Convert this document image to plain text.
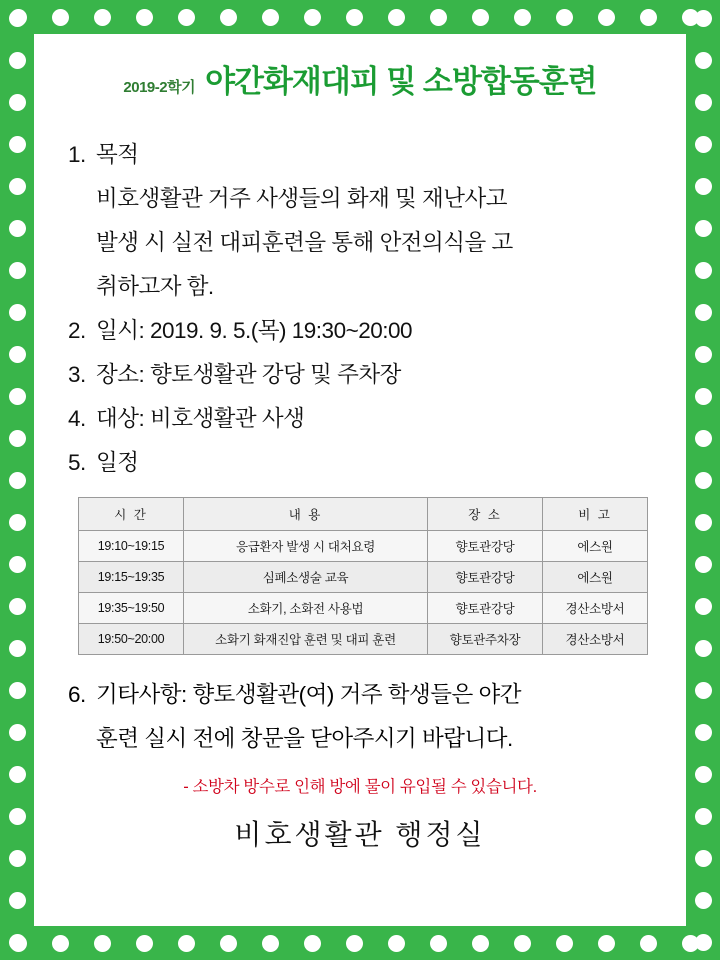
2019-2학기 야간화재대피 및 소방합동훈련
1. 목적
비호생활관 거주 사생들의 화재 및 재난사고
발생 시 실전 대피훈련을 통해 안전의식을 고
취하고자 함.
2. 일시: 2019. 9. 5.(목) 19:30~20:00
3. 장소: 향토생활관 강당 및 주차장
4. 대상: 비호생활관 사생
5. 일정
시 간	내 용	장 소	비 고
19:10~19:15	응급환자 발생 시 대처요령	향토관강당	에스원
19:15~19:35	심폐소생술 교육	향토관강당	에스원
19:35~19:50	소화기, 소화전 사용법	향토관강당	경산소방서
19:50~20:00	소화기 화재진압 훈련 및 대피 훈련	향토관주차장	경산소방서
6. 기타사항: 향토생활관(여) 거주 학생들은 야간
훈련 실시 전에 창문을 닫아주시기 바랍니다.
- 소방차 방수로 인해 방에 물이 유입될 수 있습니다.
비호생활관 행정실
